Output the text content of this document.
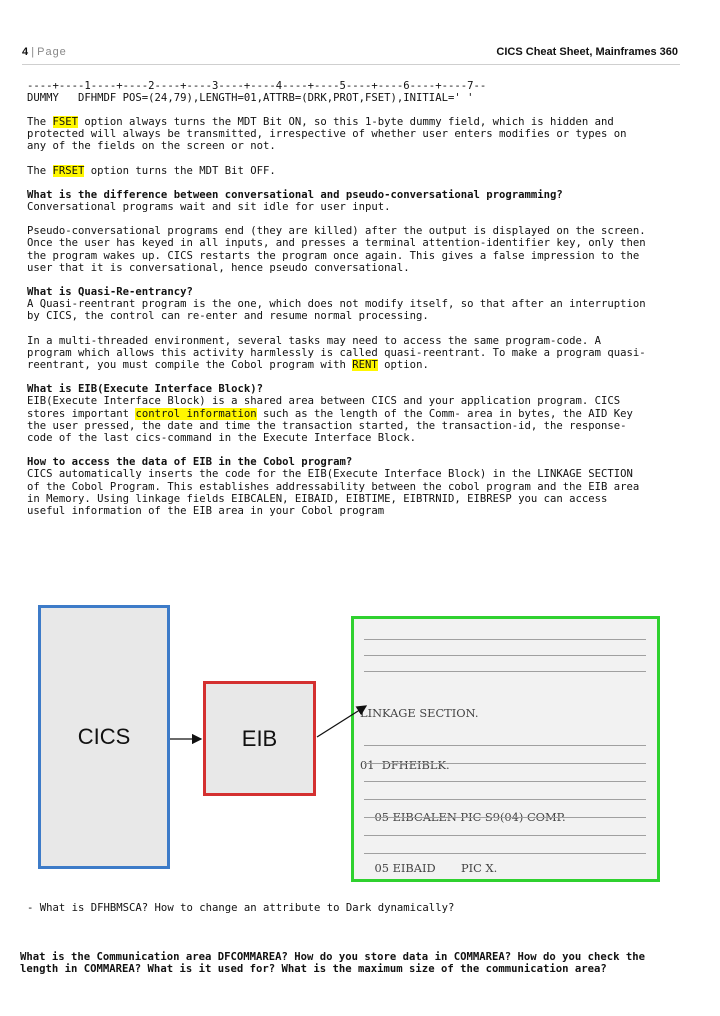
4 | Page	CICS Cheat Sheet, Mainframes 360
----+----1----+----2----+----3----+----4----+----5----+----6----+----7--

DUMMY   DFHMDF POS=(24,79),LENGTH=01,ATTRB=(DRK,PROT,FSET),INITIAL=' '

The FSET option always turns the MDT Bit ON, so this 1-byte dummy field, which is hidden and protected will always be transmitted, irrespective of whether user enters modifies or types on any of the fields on the screen or not.

The FRSET option turns the MDT Bit OFF.

What is the difference between conversational and pseudo-conversational programming?

Conversational programs wait and sit idle for user input.

Pseudo-conversational programs end (they are killed) after the output is displayed on the screen. Once the user has keyed in all inputs, and presses a terminal attention-identifier key, only then the program wakes up. CICS restarts the program once again. This gives a false impression to the user that it is conversational, hence pseudo conversational.

What is Quasi-Re-entrancy?

A Quasi-reentrant program is the one, which does not modify itself, so that after an interruption by CICS, the control can re-enter and resume normal processing.

In a multi-threaded environment, several tasks may need to access the same program-code. A program which allows this activity harmlessly is called quasi-reentrant. To make a program quasi-reentrant, you must compile the Cobol program with RENT option.

What is EIB(Execute Interface Block)?

EIB(Execute Interface Block) is a shared area between CICS and your application program. CICS stores important control information such as the length of the Comm- area in bytes, the AID Key the user pressed, the date and time the transaction started, the transaction-id, the response-code of the last cics-command in the Execute Interface Block.

How to access the data of EIB in the Cobol program?

CICS automatically inserts the code for the EIB(Execute Interface Block) in the LINKAGE SECTION of the Cobol Program. This establishes addressability between the cobol program and the EIB area in Memory. Using linkage fields EIBCALEN, EIBAID, EIBTIME, EIBTRNID, EIBRESP you can access useful information of the EIB area in your Cobol program

CICS	EIB

LINKAGE SECTION.

01  DFHEIBLK.

05 EIBCALEN PIC S9(04) COMP.

05 EIBAID       PIC X.

- What is DFHBMSCA? How to change an attribute to Dark dynamically?

What is the Communication area DFCOMMAREA? How do you store data in COMMAREA? How do you check the length in COMMAREA? What is it used for? What is the maximum size of the communication area?
